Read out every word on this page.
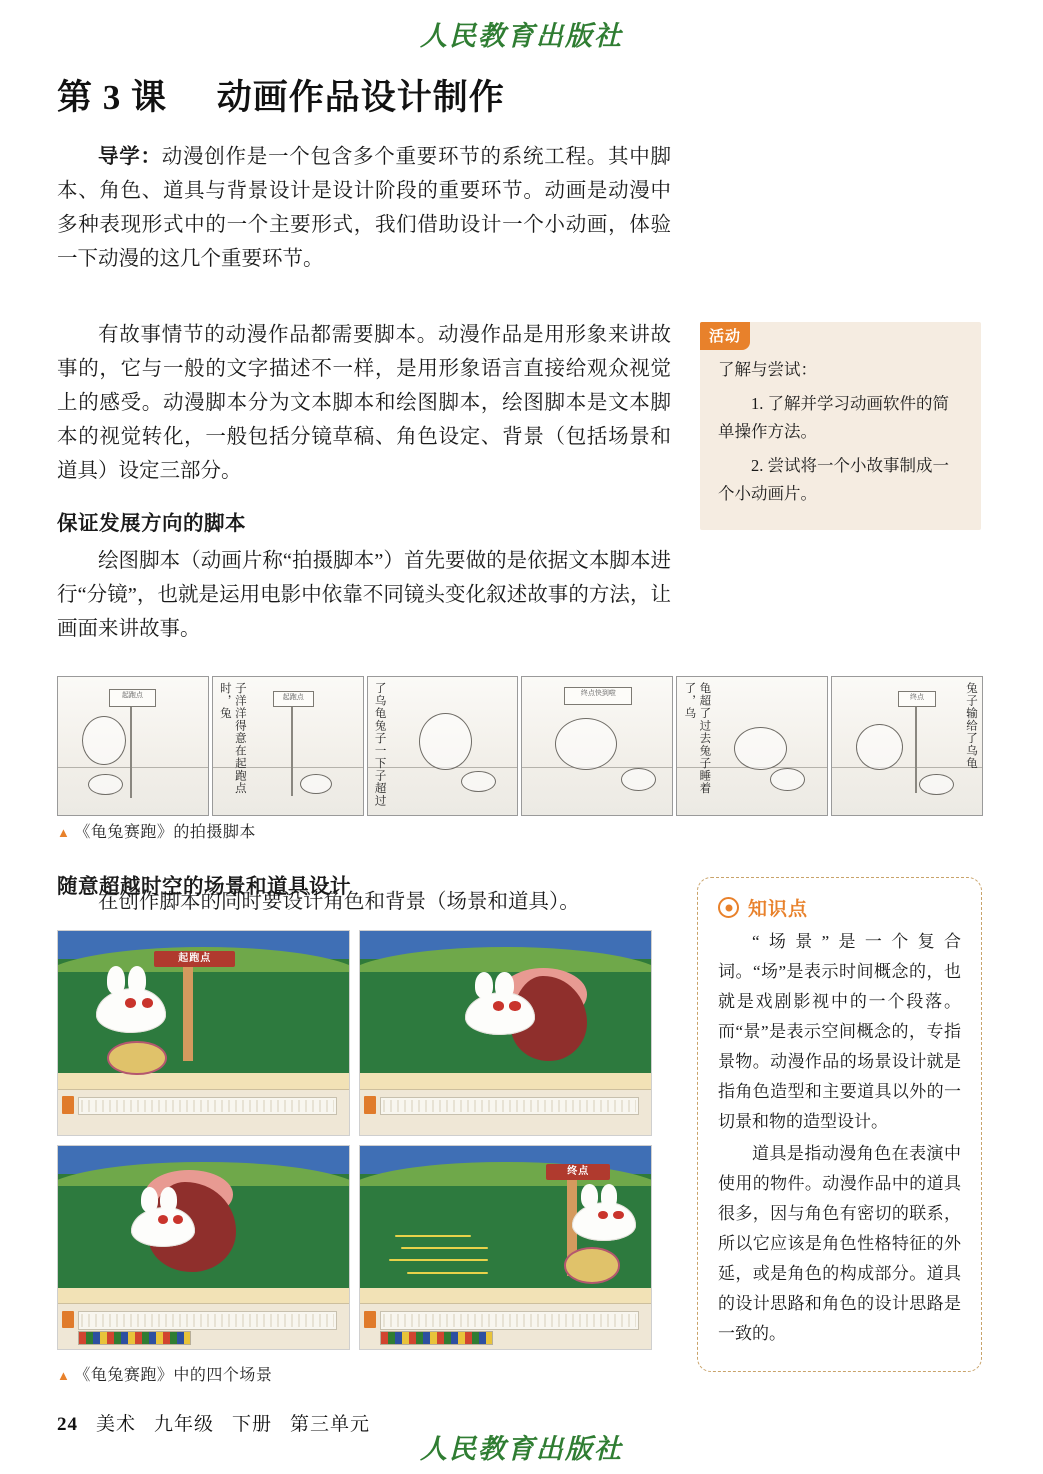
人民教育出版社
第 3 课 动画作品设计制作

导学：动漫创作是一个包含多个重要环节的系统工程。其中脚本、角色、道具与背景设计是设计阶段的重要环节。动画是动漫中多种表现形式中的一个主要形式，我们借助设计一个小动画，体验一下动漫的这几个重要环节。

有故事情节的动漫作品都需要脚本。动漫作品是用形象来讲故事的，它与一般的文字描述不一样，是用形象语言直接给观众视觉上的感受。动漫脚本分为文本脚本和绘图脚本，绘图脚本是文本脚本的视觉转化，一般包括分镜草稿、角色设定、背景（包括场景和道具）设定三部分。

保证发展方向的脚本

绘图脚本（动画片称“拍摄脚本”）首先要做的是依据文本脚本进行“分镜”，也就是运用电影中依靠不同镜头变化叙述故事的方法，让画面来讲故事。

随意超越时空的场景和道具设计

在创作脚本的同时要设计角色和背景（场景和道具）。

活动

了解与尝试：

1. 了解并学习动画软件的简单操作方法。

2. 尝试将一个小故事制成一个小动画片。

知识点

“场景”是一个复合词。“场”是表示时间概念的，也就是戏剧影视中的一个段落。而“景”是表示空间概念的，专指景物。动漫作品的场景设计就是指角色造型和主要道具以外的一切景和物的造型设计。

道具是指动漫角色在表演中使用的物件。动漫作品中的道具很多，因与角色有密切的联系，所以它应该是角色性格特征的外延，或是角色的构成部分。道具的设计思路和角色的设计思路是一致的。

起跑点	子洋洋得意在起跑点时，兔	起跑点	了乌龟兔子一下子超过	终点快到啦	龟超了过去兔子睡着了，乌	兔子输给了乌龟
终点
▲ 《龟兔赛跑》的拍摄脚本
起跑点
终点
▲ 《龟兔赛跑》中的四个场景
24 美术 九年级 下册 第三单元
人民教育出版社
